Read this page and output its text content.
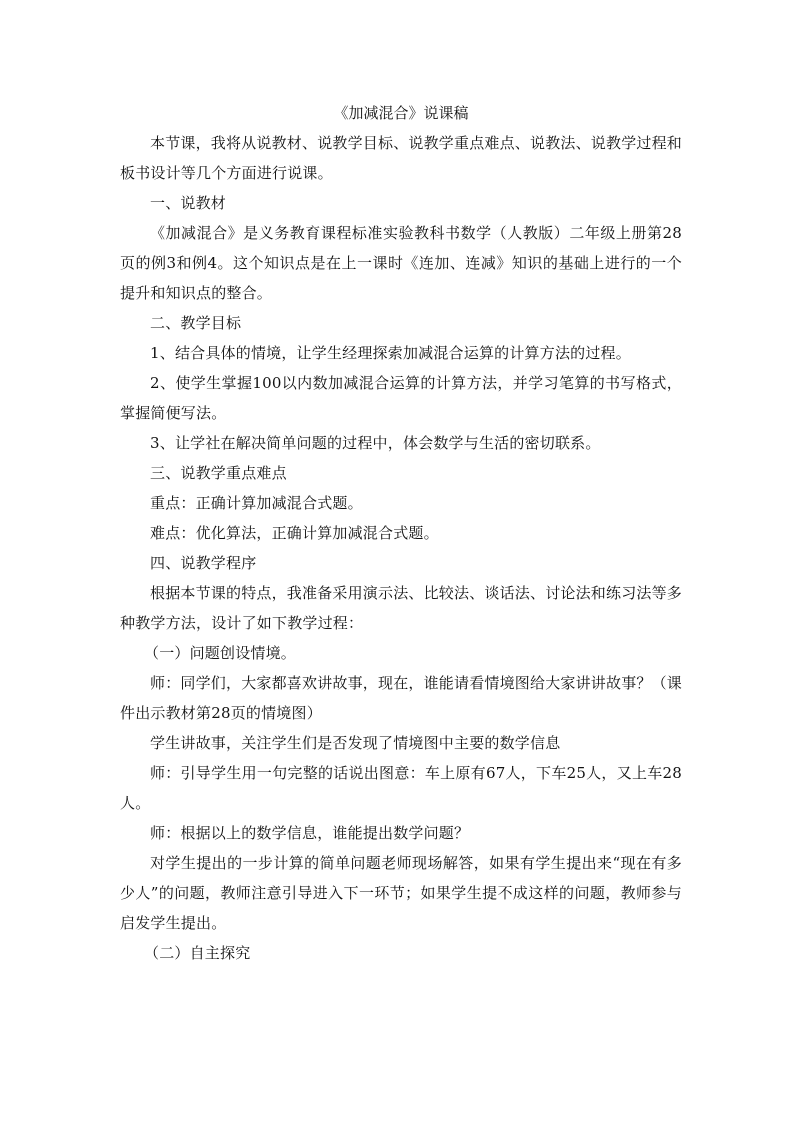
《加减混合》说课稿

本节课，我将从说教材、说教学目标、说教学重点难点、说教法、说教学过程和板书设计等几个方面进行说课。

一、说教材

《加减混合》是义务教育课程标准实验教科书数学（人教版）二年级上册第28页的例3和例4。这个知识点是在上一课时《连加、连减》知识的基础上进行的一个提升和知识点的整合。

二、教学目标

1、结合具体的情境，让学生经理探索加减混合运算的计算方法的过程。

2、使学生掌握100以内数加减混合运算的计算方法，并学习笔算的书写格式，掌握简便写法。

3、让学社在解决简单问题的过程中，体会数学与生活的密切联系。

三、说教学重点难点

重点：正确计算加减混合式题。

难点：优化算法，正确计算加减混合式题。

四、说教学程序

根据本节课的特点，我准备采用演示法、比较法、谈话法、讨论法和练习法等多种教学方法，设计了如下教学过程：

（一）问题创设情境。

师：同学们，大家都喜欢讲故事，现在，谁能请看情境图给大家讲讲故事？（课件出示教材第28页的情境图）

学生讲故事，关注学生们是否发现了情境图中主要的数学信息

师：引导学生用一句完整的话说出图意：车上原有67人，下车25人，又上车28人。

师：根据以上的数学信息，谁能提出数学问题？

对学生提出的一步计算的简单问题老师现场解答，如果有学生提出来“现在有多少人”的问题，教师注意引导进入下一环节；如果学生提不成这样的问题，教师参与启发学生提出。

（二）自主探究
